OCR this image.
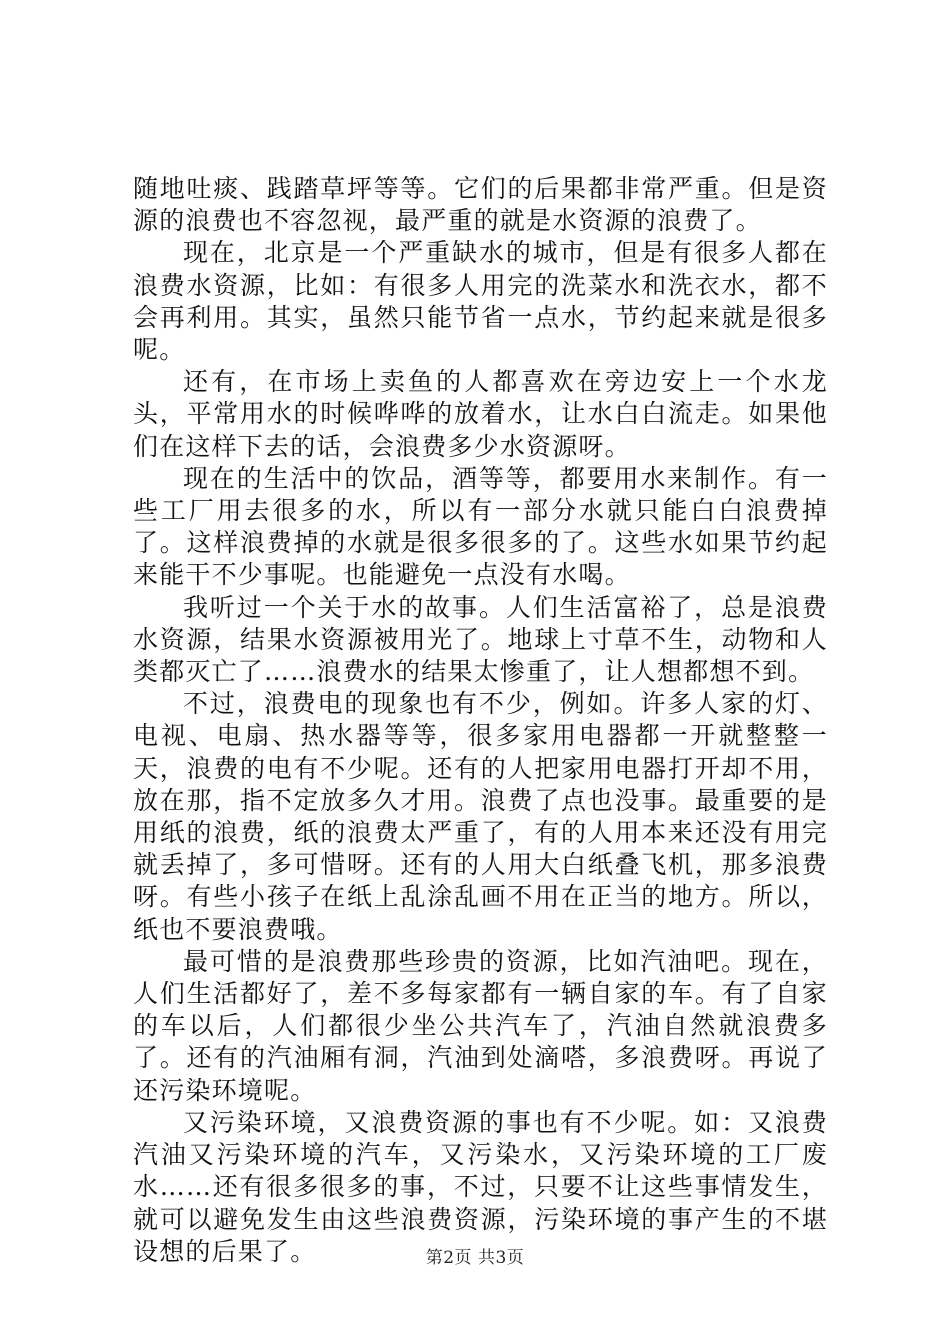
随地吐痰、践踏草坪等等。它们的后果都非常严重。但是资源的浪费也不容忽视，最严重的就是水资源的浪费了。

现在，北京是一个严重缺水的城市，但是有很多人都在浪费水资源，比如：有很多人用完的洗菜水和洗衣水，都不会再利用。其实，虽然只能节省一点水，节约起来就是很多呢。

还有，在市场上卖鱼的人都喜欢在旁边安上一个水龙头，平常用水的时候哗哗的放着水，让水白白流走。如果他们在这样下去的话，会浪费多少水资源呀。

现在的生活中的饮品，酒等等，都要用水来制作。有一些工厂用去很多的水，所以有一部分水就只能白白浪费掉了。这样浪费掉的水就是很多很多的了。这些水如果节约起来能干不少事呢。也能避免一点没有水喝。

我听过一个关于水的故事。人们生活富裕了，总是浪费水资源，结果水资源被用光了。地球上寸草不生，动物和人类都灭亡了……浪费水的结果太惨重了，让人想都想不到。

不过，浪费电的现象也有不少，例如。许多人家的灯、电视、电扇、热水器等等，很多家用电器都一开就整整一天，浪费的电有不少呢。还有的人把家用电器打开却不用，放在那，指不定放多久才用。浪费了点也没事。最重要的是用纸的浪费，纸的浪费太严重了，有的人用本来还没有用完就丢掉了，多可惜呀。还有的人用大白纸叠飞机，那多浪费呀。有些小孩子在纸上乱涂乱画不用在正当的地方。所以，纸也不要浪费哦。

最可惜的是浪费那些珍贵的资源，比如汽油吧。现在，人们生活都好了，差不多每家都有一辆自家的车。有了自家的车以后，人们都很少坐公共汽车了，汽油自然就浪费多了。还有的汽油厢有洞，汽油到处滴嗒，多浪费呀。再说了还污染环境呢。

又污染环境，又浪费资源的事也有不少呢。如：又浪费汽油又污染环境的汽车，又污染水，又污染环境的工厂废水……还有很多很多的事，不过，只要不让这些事情发生，就可以避免发生由这些浪费资源，污染环境的事产生的不堪设想的后果了。	第2页 共3页
